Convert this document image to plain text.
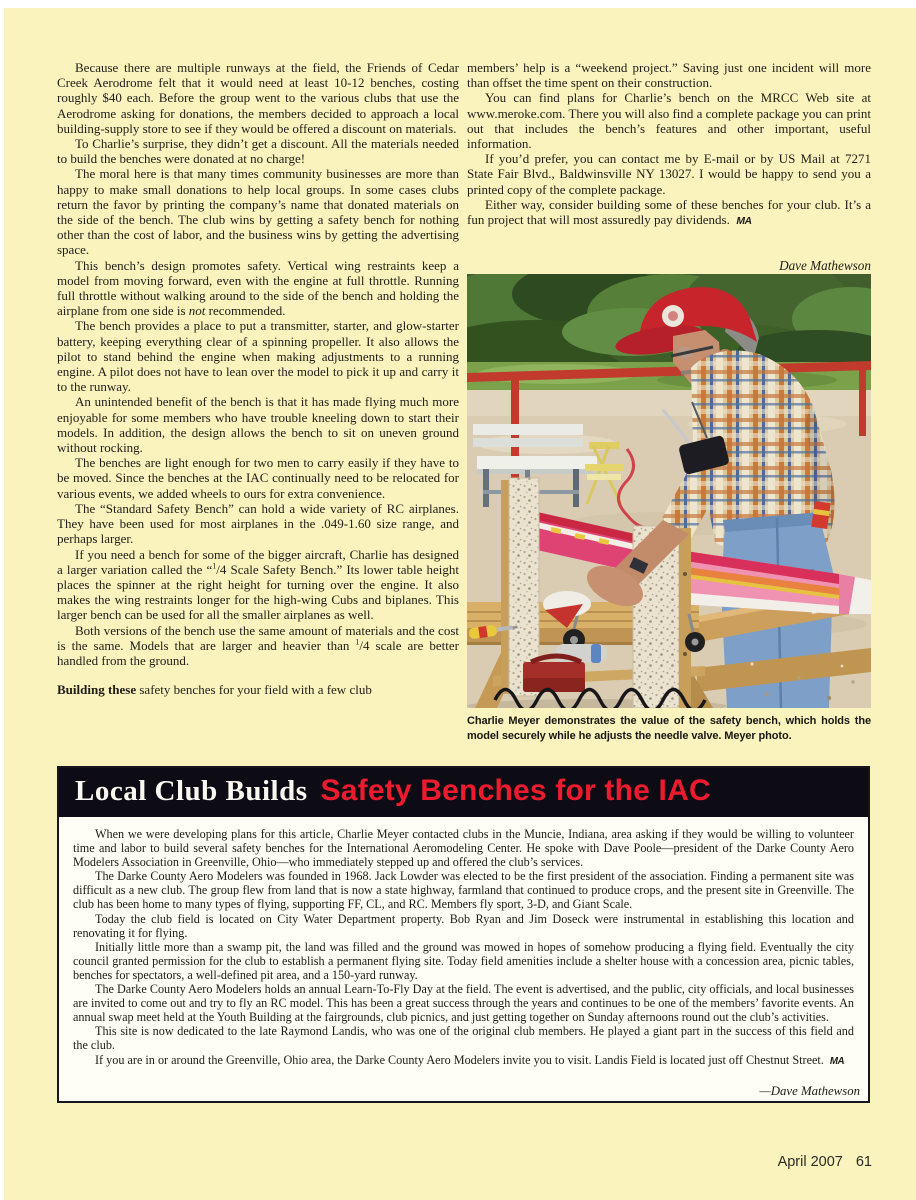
Because there are multiple runways at the field, the Friends of Cedar Creek Aerodrome felt that it would need at least 10-12 benches, costing roughly $40 each. Before the group went to the various clubs that use the Aerodrome asking for donations, the members decided to approach a local building-supply store to see if they would be offered a discount on materials.

To Charlie’s surprise, they didn’t get a discount. All the materials needed to build the benches were donated at no charge!

The moral here is that many times community businesses are more than happy to make small donations to help local groups. In some cases clubs return the favor by printing the company’s name that donated materials on the side of the bench. The club wins by getting a safety bench for nothing other than the cost of labor, and the business wins by getting the advertising space.

This bench’s design promotes safety. Vertical wing restraints keep a model from moving forward, even with the engine at full throttle. Running full throttle without walking around to the side of the bench and holding the airplane from one side is not recommended.

The bench provides a place to put a transmitter, starter, and glow-starter battery, keeping everything clear of a spinning propeller. It also allows the pilot to stand behind the engine when making adjustments to a running engine. A pilot does not have to lean over the model to pick it up and carry it to the runway.

An unintended benefit of the bench is that it has made flying much more enjoyable for some members who have trouble kneeling down to start their models. In addition, the design allows the bench to sit on uneven ground without rocking.

The benches are light enough for two men to carry easily if they have to be moved. Since the benches at the IAC continually need to be relocated for various events, we added wheels to ours for extra convenience.

The “Standard Safety Bench” can hold a wide variety of RC airplanes. They have been used for most airplanes in the .049-1.60 size range, and perhaps larger.

If you need a bench for some of the bigger aircraft, Charlie has designed a larger variation called the “$^1$/4 Scale Safety Bench.” Its lower table height places the spinner at the right height for turning over the engine. It also makes the wing restraints longer for the high-wing Cubs and biplanes. This larger bench can be used for all the smaller airplanes as well.

Both versions of the bench use the same amount of materials and the cost is the same. Models that are larger and heavier than $^1$/4 scale are better handled from the ground.

Building these safety benches for your field with a few club

members’ help is a “weekend project.” Saving just one incident will more than offset the time spent on their construction.

You can find plans for Charlie’s bench on the MRCC Web site at www.meroke.com. There you will also find a complete package you can print out that includes the bench’s features and other important, useful information.

If you’d prefer, you can contact me by E-mail or by US Mail at 7271 State Fair Blvd., Baldwinsville NY 13027. I would be happy to send you a printed copy of the complete package.

Either way, consider building some of these benches for your club. It’s a fun project that will most assuredly pay dividends. MA

Dave Mathewson
Charlie Meyer demonstrates the value of the safety bench, which holds the model securely while he adjusts the needle valve. Meyer photo.
Local Club Builds Safety Benches for the IAC

When we were developing plans for this article, Charlie Meyer contacted clubs in the Muncie, Indiana, area asking if they would be willing to volunteer time and labor to build several safety benches for the International Aeromodeling Center. He spoke with Dave Poole—president of the Darke County Aero Modelers Association in Greenville, Ohio—who immediately stepped up and offered the club’s services.

The Darke County Aero Modelers was founded in 1968. Jack Lowder was elected to be the first president of the association. Finding a permanent site was difficult as a new club. The group flew from land that is now a state highway, farmland that continued to produce crops, and the present site in Greenville. The club has been home to many types of flying, supporting FF, CL, and RC. Members fly sport, 3-D, and Giant Scale.

Today the club field is located on City Water Department property. Bob Ryan and Jim Doseck were instrumental in establishing this location and renovating it for flying.

Initially little more than a swamp pit, the land was filled and the ground was mowed in hopes of somehow producing a flying field. Eventually the city council granted permission for the club to establish a permanent flying site. Today field amenities include a shelter house with a concession area, picnic tables, benches for spectators, a well-defined pit area, and a 150-yard runway.

The Darke County Aero Modelers holds an annual Learn-To-Fly Day at the field. The event is advertised, and the public, city officials, and local businesses are invited to come out and try to fly an RC model. This has been a great success through the years and continues to be one of the members’ favorite events. An annual swap meet held at the Youth Building at the fairgrounds, club picnics, and just getting together on Sunday afternoons round out the club’s activities.

This site is now dedicated to the late Raymond Landis, who was one of the original club members. He played a giant part in the success of this field and the club.

If you are in or around the Greenville, Ohio area, the Darke County Aero Modelers invite you to visit. Landis Field is located just off Chestnut Street. MA

—Dave Mathewson
April 2007 61
